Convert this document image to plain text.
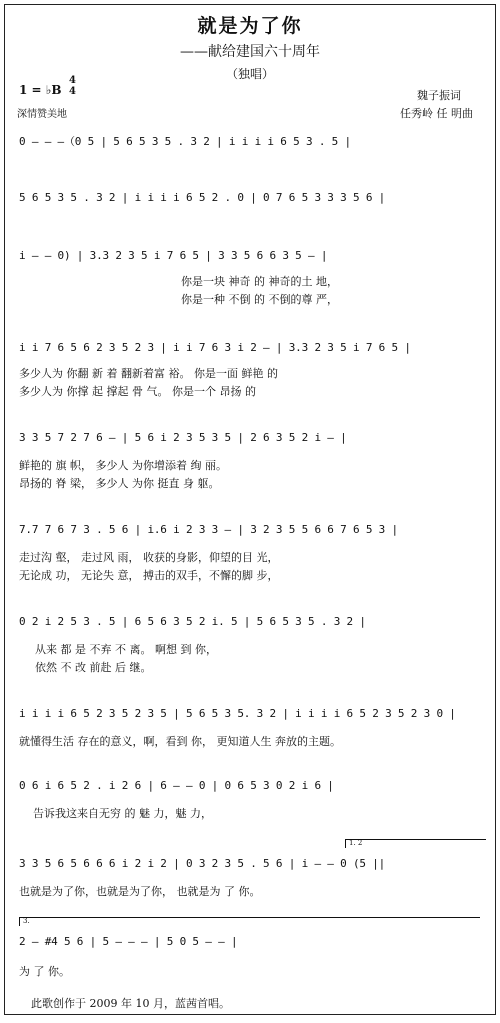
就是为了你
——献给建国六十周年
（独唱）
1 = ♭B
4
4
深情赞美地
魏子振词
任秀岭 任 明曲
0 – – –（0 5 | 5 6 5 3 5 . 3 2 | i i i i 6 5 3 . 5 |
5 6 5 3 5 . 3 2 | i i i i 6 5 2 . 0 | 0 7 6 5 3 3 3 5 6 |
i – – 0) | 3.3 2 3 5 i 7 6 5 | 3 3 5 6 6 3 5 – |
你是一块 神奇 的 神奇的土 地，
你是一种 不倒 的 不倒的尊 严，
i i 7 6 5 6 2 3 5 2 3 | i i 7 6 3 i 2 – | 3.3 2 3 5 i 7 6 5 |
多少人为 你翻 新 着 翻新着富 裕。 你是一面 鲜艳 的
多少人为 你撑 起 撑起 骨 气。 你是一个 昂扬 的
3 3 5 7 2 7 6 – | 5 6 i 2 3 5 3 5 | 2 6 3 5 2 i – |
鲜艳的 旗 帜， 多少人 为你增添着 绚 丽。
昂扬的 脊 梁， 多少人 为你 挺直 身 躯。
7.7 7 6 7 3 . 5 6 | i.6 i 2 3 3 – | 3 2 3 5 5 6 6 7 6 5 3 |
走过沟 壑， 走过风 雨， 收获的身影，仰望的目 光，
无论成 功， 无论失 意， 搏击的双手，不懈的脚 步，
0 2 i 2 5 3 . 5 | 6 5 6 3 5 2 i. 5 | 5 6 5 3 5 . 3 2 |
从来 都 是 不弃 不 离。 啊想 到 你，
依然 不 改 前赴 后 继。
i i i i 6 5 2 3 5 2 3 5 | 5 6 5 3 5. 3 2 | i i i i 6 5 2 3 5 2 3 0 |
就懂得生活 存在的意义，啊，看到 你， 更知道人生 奔放的主题。
0 6 i 6 5 2 . i 2 6 | 6 – – 0 | 0 6 5 3 0 2 i 6 |
告诉我这来自无穷 的 魅 力，魅 力，
1. 2
3 3 5 6 5 6 6 6 i 2 i 2 | 0 3 2 3 5 . 5 6 | i – – 0 (5 ||
也就是为了你，也就是为了你， 也就是为 了 你。
3.
2 – #4 5 6 | 5 – – – | 5 0 5 – – |
为 了 你。
此歌创作于 2009 年 10 月，蓝茜首唱。
